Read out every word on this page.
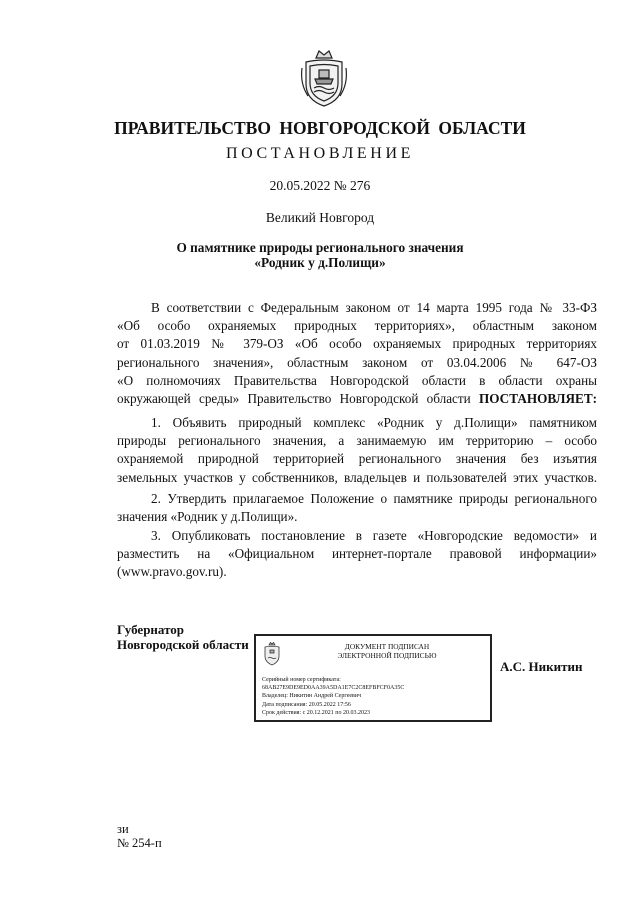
ПРАВИТЕЛЬСТВО НОВГОРОДСКОЙ ОБЛАСТИ
ПОСТАНОВЛЕНИЕ
20.05.2022 № 276
Великий Новгород
О памятнике природы регионального значения
«Родник у д.Полищи»
В соответствии с Федеральным законом от 14 марта 1995 года № 33-ФЗ
«Об особо охраняемых природных территориях», областным законом
от 01.03.2019 № 379-ОЗ «Об особо охраняемых природных территориях
регионального значения», областным законом от 03.04.2006 № 647-ОЗ
«О полномочиях Правительства Новгородской области в области охраны
окружающей среды» Правительство Новгородской области ПОСТАНОВЛЯЕТ:
1. Объявить природный комплекс «Родник у д.Полищи» памятником
природы регионального значения, а занимаемую им территорию – особо
охраняемой природной территорией регионального значения без изъятия
земельных участков у собственников, владельцев и пользователей этих участков.
2. Утвердить прилагаемое Положение о памятнике природы регионального
значения «Родник у д.Полищи».
3. Опубликовать постановление в газете «Новгородские ведомости» и
разместить на «Официальном интернет-портале правовой информации»
(www.pravo.gov.ru).
Губернатор
Новгородской области	ДОКУМЕНТ ПОДПИСАН
ЭЛЕКТРОННОЙ ПОДПИСЬЮ
Серийный номер сертификата:
68AB27E9DE9ED0AA39A5DA1E7C2C8EFBFCF0A35C
Владелец: Никитин Андрей Сергеевич
Дата подписания: 20.05.2022 17:56
Срок действия: с 20.12.2021 по 20.03.2023
А.С. Никитин
зи
№ 254-п
